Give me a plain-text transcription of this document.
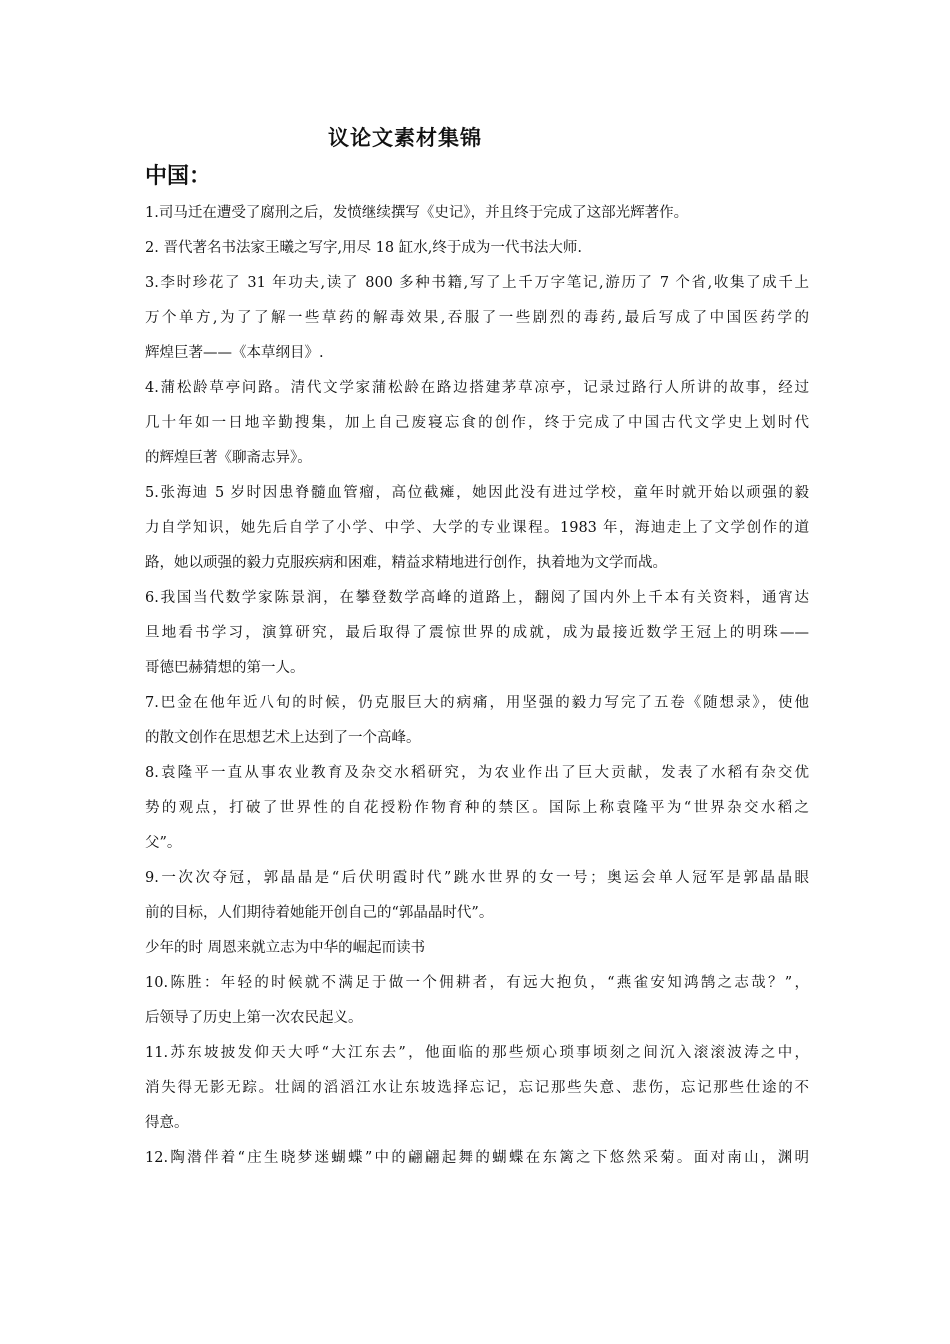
议论文素材集锦
中国：
1.司马迁在遭受了腐刑之后，发愤继续撰写《史记》，并且终于完成了这部光辉著作。
2. 晋代著名书法家王曦之写字,用尽 18 缸水,终于成为一代书法大师.
3.李时珍花了 31 年功夫,读了 800 多种书籍,写了上千万字笔记,游历了 7 个省,收集了成千上
万个单方,为了了解一些草药的解毒效果,吞服了一些剧烈的毒药,最后写成了中国医药学的
辉煌巨著——《本草纲目》.
4.蒲松龄草亭问路。清代文学家蒲松龄在路边搭建茅草凉亭，记录过路行人所讲的故事，经过
几十年如一日地辛勤搜集，加上自己废寝忘食的创作，终于完成了中国古代文学史上划时代
的辉煌巨著《聊斋志异》。
5.张海迪 5 岁时因患脊髓血管瘤，高位截瘫，她因此没有进过学校，童年时就开始以顽强的毅
力自学知识，她先后自学了小学、中学、大学的专业课程。1983 年，海迪走上了文学创作的道
路，她以顽强的毅力克服疾病和困难，精益求精地进行创作，执着地为文学而战。
6.我国当代数学家陈景润，在攀登数学高峰的道路上，翻阅了国内外上千本有关资料，通宵达
旦地看书学习，演算研究，最后取得了震惊世界的成就，成为最接近数学王冠上的明珠——
哥德巴赫猜想的第一人。
7.巴金在他年近八旬的时候，仍克服巨大的病痛，用坚强的毅力写完了五卷《随想录》，使他
的散文创作在思想艺术上达到了一个高峰。
8.袁隆平一直从事农业教育及杂交水稻研究，为农业作出了巨大贡献，发表了水稻有杂交优
势的观点，打破了世界性的自花授粉作物育种的禁区。国际上称袁隆平为“世界杂交水稻之
父”。
9.一次次夺冠，郭晶晶是“后伏明霞时代”跳水世界的女一号；奥运会单人冠军是郭晶晶眼
前的目标，人们期待着她能开创自己的“郭晶晶时代”。
少年的时 周恩来就立志为中华的崛起而读书
10.陈胜：年轻的时候就不满足于做一个佣耕者，有远大抱负，“燕雀安知鸿鹄之志哉？”，
后领导了历史上第一次农民起义。
11.苏东坡披发仰天大呼“大江东去”，他面临的那些烦心琐事顷刻之间沉入滚滚波涛之中，
消失得无影无踪。壮阔的滔滔江水让东坡选择忘记，忘记那些失意、悲伤，忘记那些仕途的不
得意。
12.陶潜伴着“庄生晓梦迷蝴蝶”中的翩翩起舞的蝴蝶在东篱之下悠然采菊。面对南山，渊明
